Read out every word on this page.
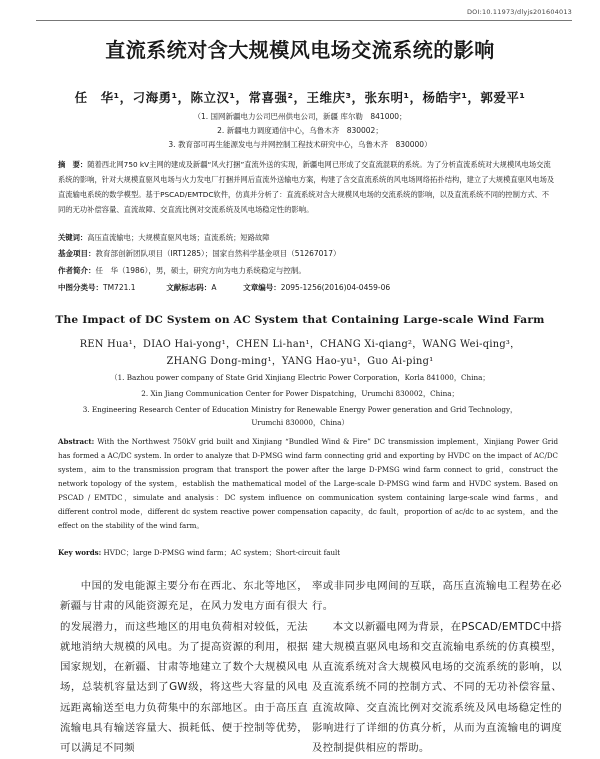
DOI:10.11973/dlyjs201604013
直流系统对含大规模风电场交流系统的影响
任　华¹，刁海勇¹，陈立汉¹，常喜强²，王维庆³，张东明¹，杨皓宇¹，郭爱平¹
（1. 国网新疆电力公司巴州供电公司，新疆 库尔勒　841000；
2. 新疆电力调度通信中心，乌鲁木齐　830002；
3. 教育部可再生能源发电与并网控制工程技术研究中心，乌鲁木齐　830000）
摘　要：随着西北网750 kV主网的建成及新疆“风火打捆”直流外送的实现，新疆电网已形成了交直流混联的系统。为了分析直流系统对大规模风电场交流系统的影响，针对大规模直驱风电场与火力发电厂打捆并网后直流外送输电方案，构建了含交直流系统的风电场网络拓扑结构，建立了大规模直驱风电场及直流输电系统的数学模型。基于PSCAD/EMTDC软件，仿真并分析了：直流系统对含大规模风电场的交流系统的影响，以及直流系统不同的控制方式、不同的无功补偿容量、直流故障、交直流比例对交流系统及风电场稳定性的影响。
关键词：高压直流输电；大规模直驱风电场；直流系统；短路故障
基金项目：教育部创新团队项目（IRT1285）；国家自然科学基金项目（51267017）
作者简介：任　华（1986），男，硕士，研究方向为电力系统稳定与控制。
中图分类号：TM721.1	文献标志码：A	文章编号：2095-1256(2016)04-0459-06
The Impact of DC System on AC System that Containing Large-scale Wind Farm
REN Hua¹，DIAO Hai-yong¹，CHEN Li-han¹，CHANG Xi-qiang²，WANG Wei-qing³，
ZHANG Dong-ming¹，YANG Hao-yu¹，Guo Ai-ping¹
（1. Bazhou power company of State Grid Xinjiang Electric Power Corporation，Korla 841000，China；
2. Xin Jiang Communication Center for Power Dispatching，Urumchi 830002，China；
3. Engineering Research Center of Education Ministry for Renewable Energy Power generation and Grid Technology，
Urumchi 830000，China）
Abstract: With the Northwest 750kV grid built and Xinjiang “Bundled Wind & Fire” DC transmission implement，Xinjiang Power Grid has formed a AC/DC system. In order to analyze that D-PMSG wind farm connecting grid and exporting by HVDC on the impact of AC/DC system，aim to the transmission program that transport the power after the large D-PMSG wind farm connect to grid，construct the network topology of the system，establish the mathematical model of the Large-scale D-PMSG wind farm and HVDC system. Based on PSCAD / EMTDC，simulate and analysis：DC system influence on communication system containing large-scale wind farms，and different control mode，different dc system reactive power compensation capacity，dc fault，proportion of ac/dc to ac system，and the effect on the stability of the wind farm。
Key words: HVDC；large D-PMSG wind farm；AC system；Short-circuit fault
中国的发电能源主要分布在西北、东北等地区，新疆与甘肃的风能资源充足，在风力发电方面有很大的发展潜力，而这些地区的用电负荷相对较低，无法就地消纳大规模的风电。为了提高资源的利用，根据国家规划，在新疆、甘肃等地建立了数个大规模风电场，总装机容量达到了GW级，将这些大容量的风电远距离输送至电力负荷集中的东部地区。由于高压直流输电具有输送容量大、损耗低、便于控制等优势，可以满足不同频

率或非同步电网间的互联，高压直流输电工程势在必行。

本文以新疆电网为背景，在PSCAD/EMTDC中搭建大规模直驱风电场和交直流输电系统的仿真模型，从直流系统对含大规模风电场的交流系统的影响，以及直流系统不同的控制方式、不同的无功补偿容量、直流故障、交直流比例对交流系统及风电场稳定性的影响进行了详细的仿真分析，从而为直流输电的调度及控制提供相应的帮助。
